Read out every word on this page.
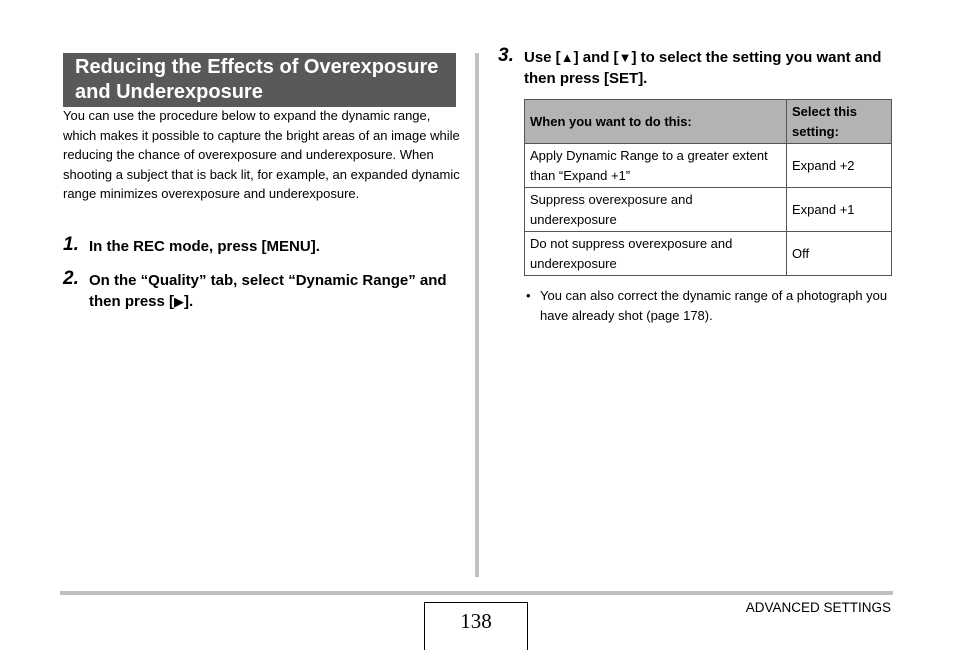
Reducing the Effects of Overexposure and Underexposure

You can use the procedure below to expand the dynamic range, which makes it possible to capture the bright areas of an image while reducing the chance of overexposure and underexposure. When shooting a subject that is back lit, for example, an expanded dynamic range minimizes overexposure and underexposure.

1. In the REC mode, press [MENU].
2. On the “Quality” tab, select “Dynamic Range” and then press [▶].
3. Use [▲] and [▼] to select the setting you want and then press [SET].
When you want to do this:	Select this setting:
Apply Dynamic Range to a greater extent than “Expand +1”	Expand +2
Suppress overexposure and underexposure	Expand +1
Do not suppress overexposure and underexposure	Off
• You can also correct the dynamic range of a photograph you have already shot (page 178).
138
ADVANCED SETTINGS
